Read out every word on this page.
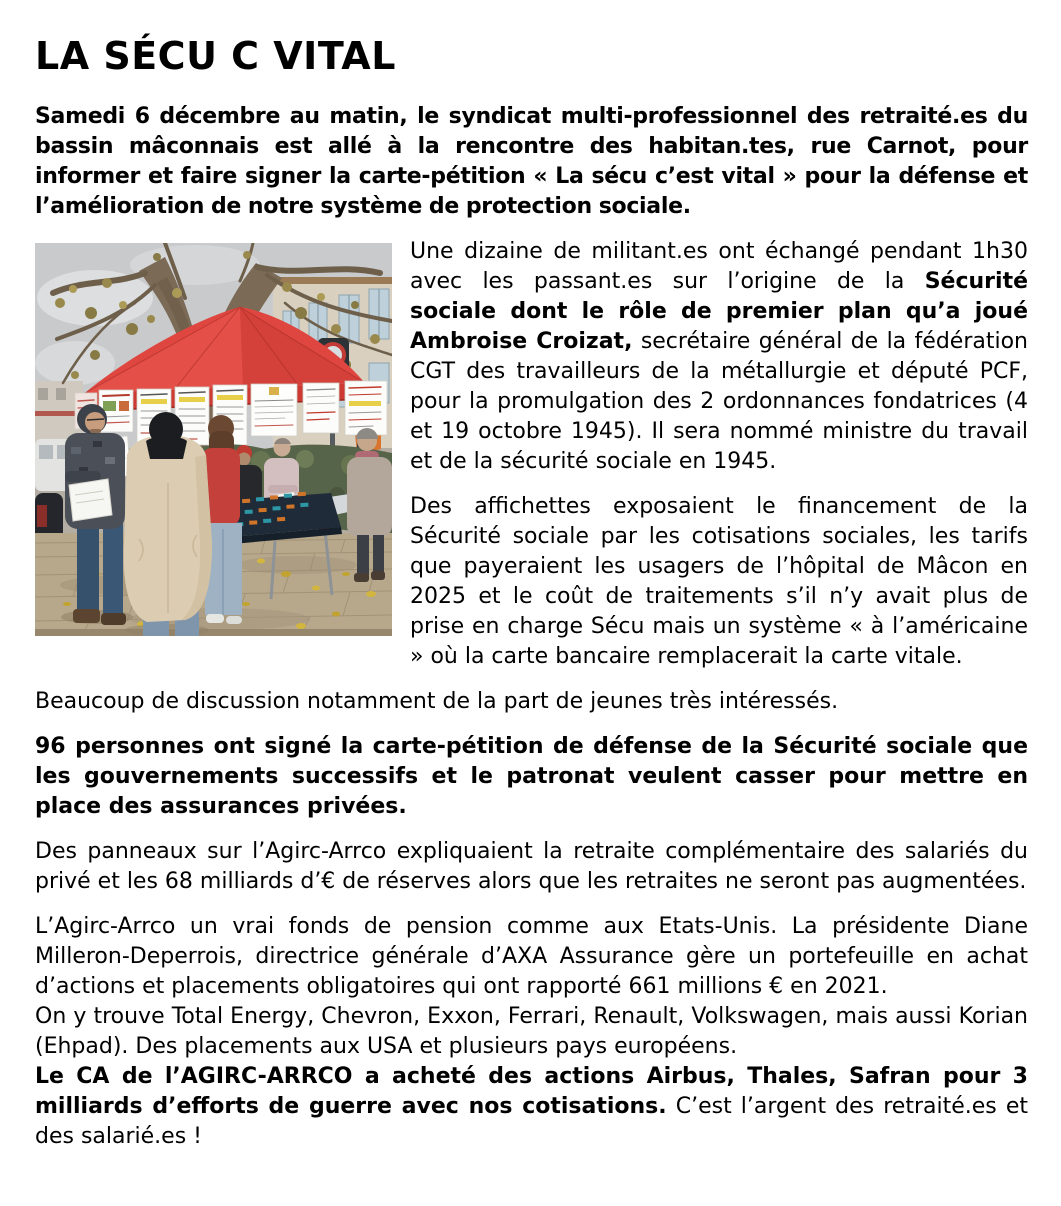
LA SÉCU C VITAL

Samedi 6 décembre au matin, le syndicat multi-professionnel des retraité.es du bassin mâconnais est allé à la rencontre des habitan.tes, rue Carnot, pour informer et faire signer la carte-pétition « La sécu c’est vital » pour la défense et l’amélioration de notre système de protection sociale.

Une dizaine de militant.es ont échangé pendant 1h30 avec les passant.es sur l’origine de la Sécurité sociale dont le rôle de premier plan qu’a joué Ambroise Croizat, secrétaire général de la fédération CGT des travailleurs de la métallurgie et député PCF, pour la promulgation des 2 ordonnances fondatrices (4 et 19 octobre 1945). Il sera nommé ministre du travail et de la sécurité sociale en 1945.

Des affichettes exposaient le financement de la Sécurité sociale par les cotisations sociales, les tarifs que payeraient les usagers de l’hôpital de Mâcon en 2025 et le coût de traitements s’il n’y avait plus de prise en charge Sécu mais un système « à l’américaine » où la carte bancaire remplacerait la carte vitale.

Beaucoup de discussion notamment de la part de jeunes très intéressés.

96 personnes ont signé la carte-pétition de défense de la Sécurité sociale que les gouvernements successifs et le patronat veulent casser pour mettre en place des assurances privées.

Des panneaux sur l’Agirc-Arrco expliquaient la retraite complémentaire des salariés du privé et les 68 milliards d’€ de réserves alors que les retraites ne seront pas augmentées.

L’Agirc-Arrco un vrai fonds de pension comme aux Etats-Unis. La présidente Diane Milleron-Deperrois, directrice générale d’AXA Assurance gère un portefeuille en achat d’actions et placements obligatoires qui ont rapporté 661 millions € en 2021.

On y trouve Total Energy, Chevron, Exxon, Ferrari, Renault, Volkswagen, mais aussi Korian (Ehpad). Des placements aux USA et plusieurs pays européens.

Le CA de l’AGIRC-ARRCO a acheté des actions Airbus, Thales, Safran pour 3 milliards d’efforts de guerre avec nos cotisations. C’est l’argent des retraité.es et des salarié.es !
